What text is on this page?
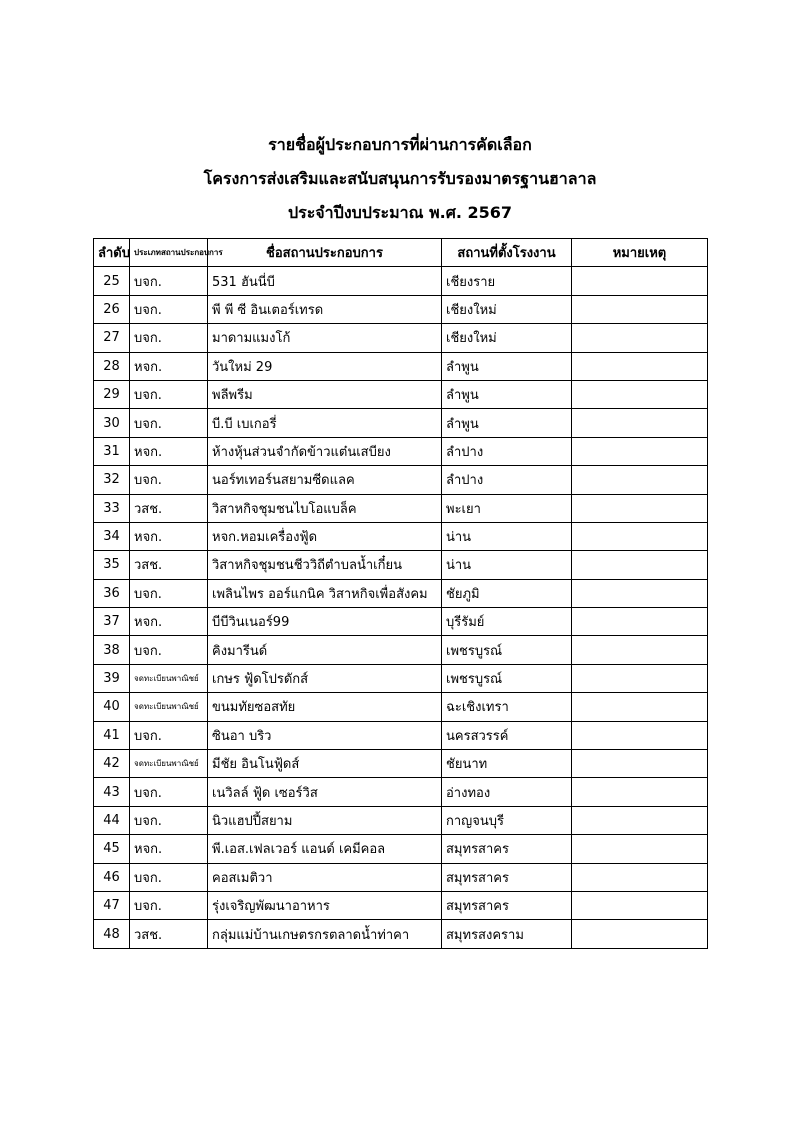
รายชื่อผู้ประกอบการที่ผ่านการคัดเลือก
โครงการส่งเสริมและสนับสนุนการรับรองมาตรฐานฮาลาล
ประจำปีงบประมาณ พ.ศ. 2567
ลำดับ	ประเภทสถานประกอบการ	ชื่อสถานประกอบการ	สถานที่ตั้งโรงงาน	หมายเหตุ
25	บจก.	531 ฮันนี่บี	เชียงราย	
26	บจก.	พี พี ซี อินเตอร์เทรด	เชียงใหม่	
27	บจก.	มาดามแมงโก้	เชียงใหม่	
28	หจก.	วันใหม่ 29	ลำพูน	
29	บจก.	พลีพรีม	ลำพูน	
30	บจก.	บี.บี เบเกอรี่	ลำพูน	
31	หจก.	ห้างหุ้นส่วนจำกัดข้าวแต๋นเสบียง	ลำปาง	
32	บจก.	นอร์ทเทอร์นสยามซีดแลค	ลำปาง	
33	วสช.	วิสาหกิจชุมชนไบโอแบล็ค	พะเยา	
34	หจก.	หจก.หอมเครื่องฟู้ด	น่าน	
35	วสช.	วิสาหกิจชุมชนชีววิถีตำบลน้ำเกี๋ยน	น่าน	
36	บจก.	เพลินไพร ออร์แกนิค วิสาหกิจเพื่อสังคม	ชัยภูมิ	
37	หจก.	บีบีวินเนอร์99	บุรีรัมย์	
38	บจก.	คิงมารีนด์	เพชรบูรณ์	
39	จดทะเบียนพาณิชย์	เกษร ฟู้ดโปรดักส์	เพชรบูรณ์	
40	จดทะเบียนพาณิชย์	ขนมทัยซอสทัย	ฉะเชิงเทรา	
41	บจก.	ซินอา บริว	นครสวรรค์	
42	จดทะเบียนพาณิชย์	มีชัย อินโนฟู้ดส์	ชัยนาท	
43	บจก.	เนวิลล์ ฟู้ด เซอร์วิส	อ่างทอง	
44	บจก.	นิวแฮปปี้สยาม	กาญจนบุรี	
45	หจก.	พี.เอส.เฟลเวอร์ แอนด์ เคมีคอล	สมุทรสาคร	
46	บจก.	คอสเมติวา	สมุทรสาคร	
47	บจก.	รุ่งเจริญพัฒนาอาหาร	สมุทรสาคร	
48	วสช.	กลุ่มแม่บ้านเกษตรกรตลาดน้ำท่าคา	สมุทรสงคราม	
